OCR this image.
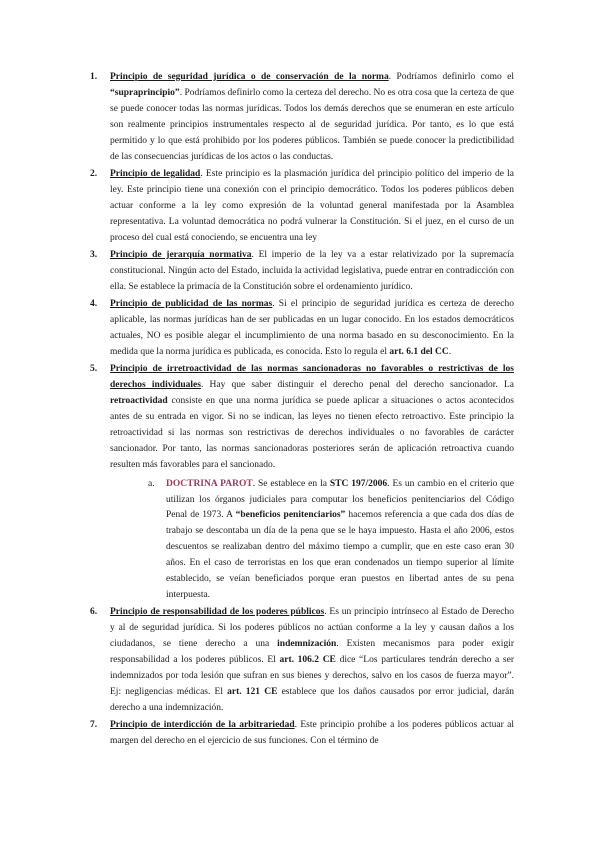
1. Principio de seguridad jurídica o de conservación de la norma. Podríamos definirlo como el “supraprincipio”. Podríamos definirlo como la certeza del derecho. No es otra cosa que la certeza de que se puede conocer todas las normas jurídicas. Todos los demás derechos que se enumeran en este artículo son realmente principios instrumentales respecto al de seguridad jurídica. Por tanto, es lo que está permitido y lo que está prohibido por los poderes públicos. También se puede conocer la predictibilidad de las consecuencias jurídicas de los actos o las conductas.
2. Principio de legalidad. Este principio es la plasmación jurídica del principio político del imperio de la ley. Este principio tiene una conexión con el principio democrático. Todos los poderes públicos deben actuar conforme a la ley como expresión de la voluntad general manifestada por la Asamblea representativa. La voluntad democrática no podrá vulnerar la Constitución. Si el juez, en el curso de un proceso del cual está conociendo, se encuentra una ley
3. Principio de jerarquía normativa. El imperio de la ley va a estar relativizado por la supremacía constitucional. Ningún acto del Estado, incluida la actividad legislativa, puede entrar en contradicción con ella. Se establece la primacía de la Constitución sobre el ordenamiento jurídico.
4. Principio de publicidad de las normas. Si el principio de seguridad jurídica es certeza de derecho aplicable, las normas jurídicas han de ser publicadas en un lugar conocido. En los estados democráticos actuales, NO es posible alegar el incumplimiento de una norma basado en su desconocimiento. En la medida que la norma jurídica es publicada, es conocida. Esto lo regula el art. 6.1 del CC.
5. Principio de irretroactividad de las normas sancionadoras no favorables o restrictivas de los derechos individuales. Hay que saber distinguir el derecho penal del derecho sancionador. La retroactividad consiste en que una norma jurídica se puede aplicar a situaciones o actos acontecidos antes de su entrada en vigor. Si no se indican, las leyes no tienen efecto retroactivo. Este principio la retroactividad si las normas son restrictivas de derechos individuales o no favorables de carácter sancionador. Por tanto, las normas sancionadoras posteriores serán de aplicación retroactiva cuando resulten más favorables para el sancionado.
a. DOCTRINA PAROT. Se establece en la STC 197/2006. Es un cambio en el criterio que utilizan los órganos judiciales para computar los beneficios penitenciarios del Código Penal de 1973. A “beneficios penitenciarios” hacemos referencia a que cada dos días de trabajo se descontaba un día de la pena que se le haya impuesto. Hasta el año 2006, estos descuentos se realizaban dentro del máximo tiempo a cumplir, que en este caso eran 30 años. En el caso de terroristas en los que eran condenados un tiempo superior al límite establecido, se veían beneficiados porque eran puestos en libertad antes de su pena interpuesta.
6. Principio de responsabilidad de los poderes públicos. Es un principio intrínseco al Estado de Derecho y al de seguridad jurídica. Si los poderes públicos no actúan conforme a la ley y causan daños a los ciudadanos, se tiene derecho a una indemnización. Existen mecanismos para poder exigir responsabilidad a los poderes públicos. El art. 106.2 CE dice “Los particulares tendrán derecho a ser indemnizados por toda lesión que sufran en sus bienes y derechos, salvo en los casos de fuerza mayor”. Ej: negligencias médicas. El art. 121 CE establece que los daños causados por error judicial, darán derecho a una indemnización.
7. Principio de interdicción de la arbitrariedad. Este principio prohíbe a los poderes públicos actuar al margen del derecho en el ejercicio de sus funciones. Con el término de
